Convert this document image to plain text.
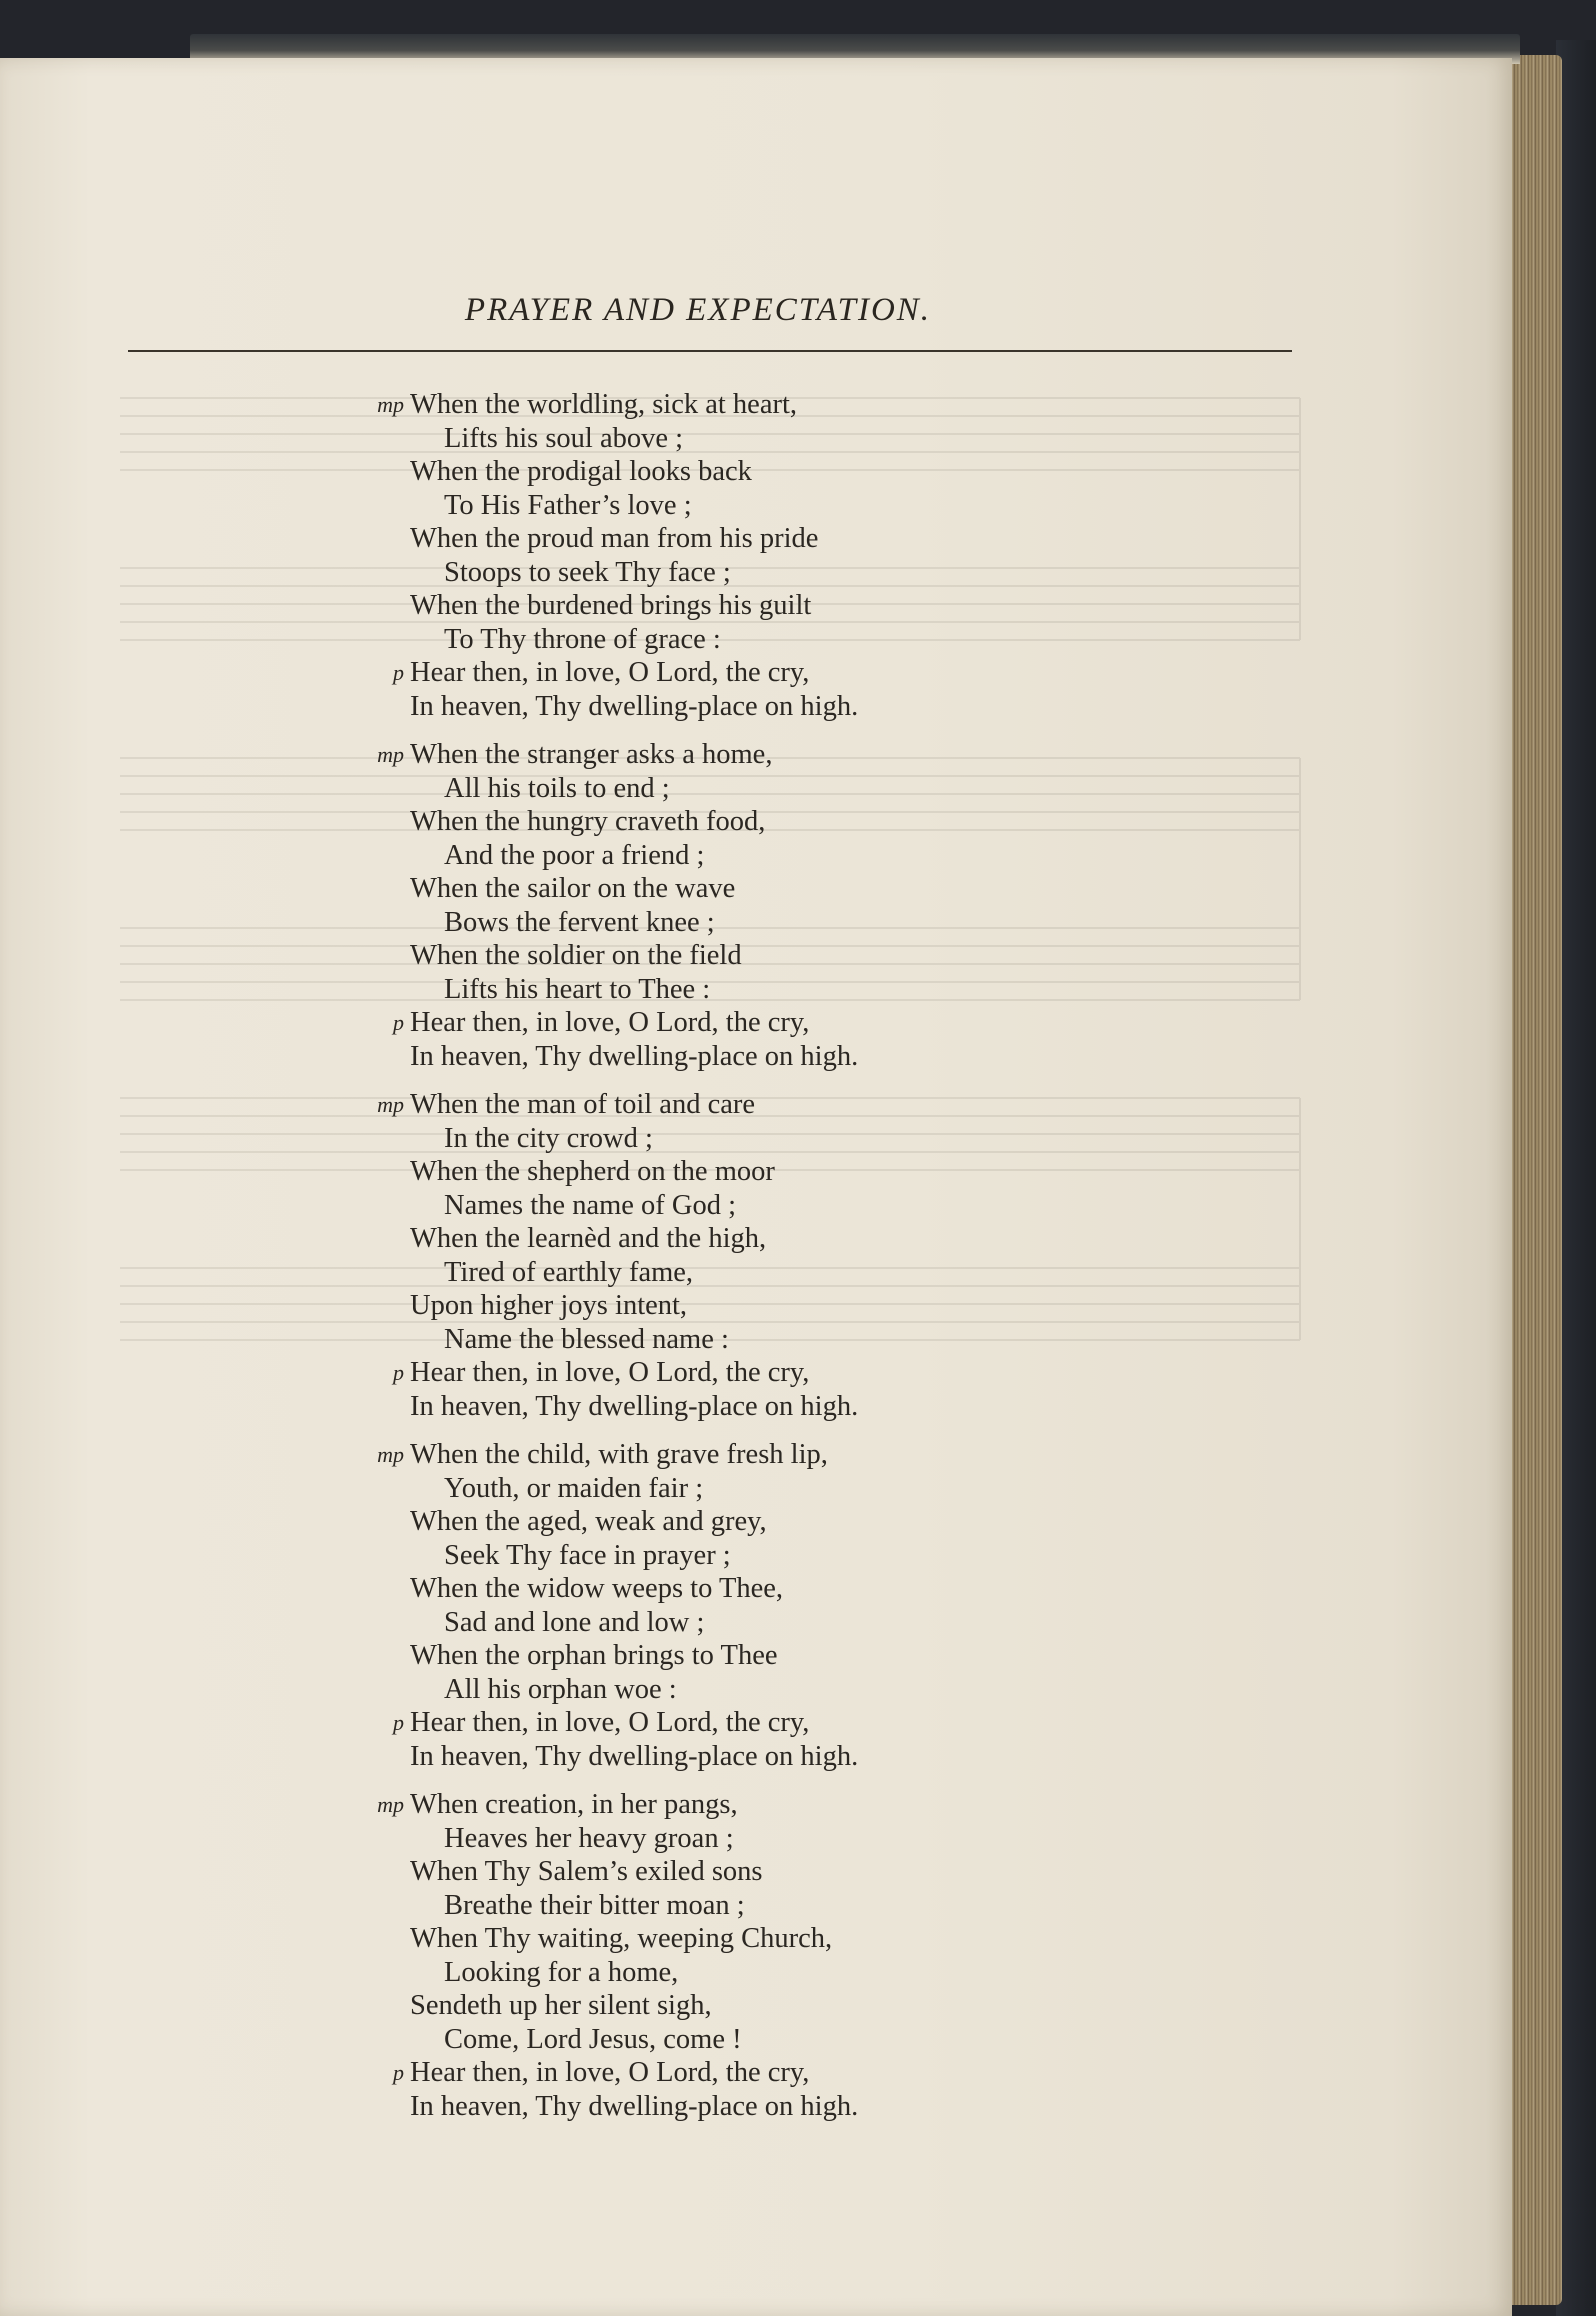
PRAYER AND EXPECTATION.
mp When the worldling, sick at heart,
Lifts his soul above ;
When the prodigal looks back
To His Father’s love ;
When the proud man from his pride
Stoops to seek Thy face ;
When the burdened brings his guilt
To Thy throne of grace :
p Hear then, in love, O Lord, the cry,
In heaven, Thy dwelling-place on high.
mp When the stranger asks a home,
All his toils to end ;
When the hungry craveth food,
And the poor a friend ;
When the sailor on the wave
Bows the fervent knee ;
When the soldier on the field
Lifts his heart to Thee :
p Hear then, in love, O Lord, the cry,
In heaven, Thy dwelling-place on high.
mp When the man of toil and care
In the city crowd ;
When the shepherd on the moor
Names the name of God ;
When the learnèd and the high,
Tired of earthly fame,
Upon higher joys intent,
Name the blessed name :
p Hear then, in love, O Lord, the cry,
In heaven, Thy dwelling-place on high.
mp When the child, with grave fresh lip,
Youth, or maiden fair ;
When the aged, weak and grey,
Seek Thy face in prayer ;
When the widow weeps to Thee,
Sad and lone and low ;
When the orphan brings to Thee
All his orphan woe :
p Hear then, in love, O Lord, the cry,
In heaven, Thy dwelling-place on high.
mp When creation, in her pangs,
Heaves her heavy groan ;
When Thy Salem’s exiled sons
Breathe their bitter moan ;
When Thy waiting, weeping Church,
Looking for a home,
Sendeth up her silent sigh,
Come, Lord Jesus, come !
p Hear then, in love, O Lord, the cry,
In heaven, Thy dwelling-place on high.
